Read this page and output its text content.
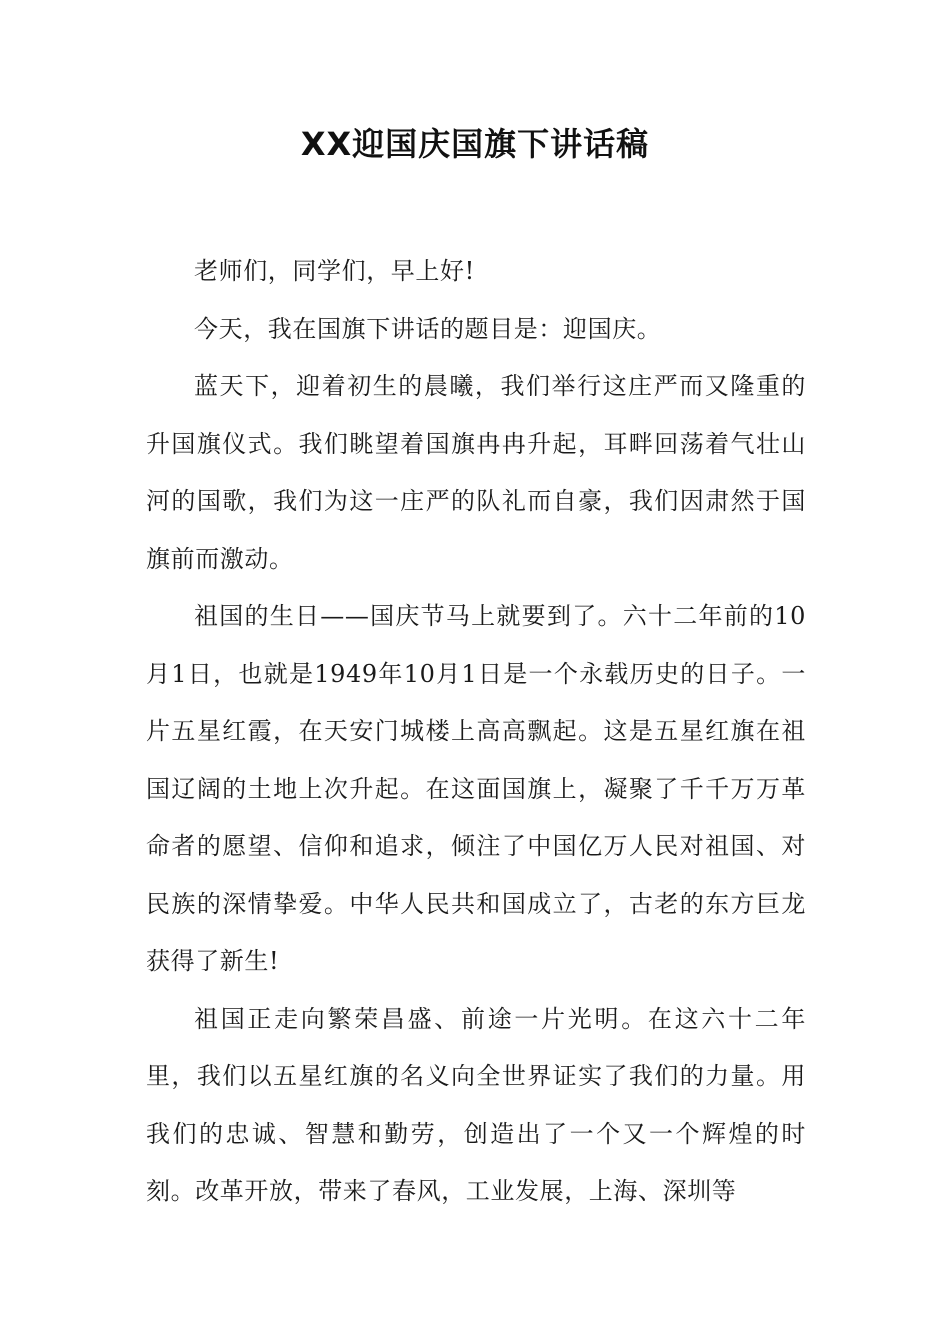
XX迎国庆国旗下讲话稿

老师们，同学们，早上好!

今天，我在国旗下讲话的题目是：迎国庆。

蓝天下，迎着初生的晨曦，我们举行这庄严而又隆重的升国旗仪式。我们眺望着国旗冉冉升起，耳畔回荡着气壮山河的国歌，我们为这一庄严的队礼而自豪，我们因肃然于国旗前而激动。

祖国的生日——国庆节马上就要到了。六十二年前的10月1日，也就是1949年10月1日是一个永载历史的日子。一片五星红霞，在天安门城楼上高高飘起。这是五星红旗在祖国辽阔的土地上次升起。在这面国旗上，凝聚了千千万万革命者的愿望、信仰和追求，倾注了中国亿万人民对祖国、对民族的深情挚爱。中华人民共和国成立了，古老的东方巨龙获得了新生!

祖国正走向繁荣昌盛、前途一片光明。在这六十二年里，我们以五星红旗的名义向全世界证实了我们的力量。用我们的忠诚、智慧和勤劳，创造出了一个又一个辉煌的时刻。改革开放，带来了春风，工业发展，上海、深圳等
